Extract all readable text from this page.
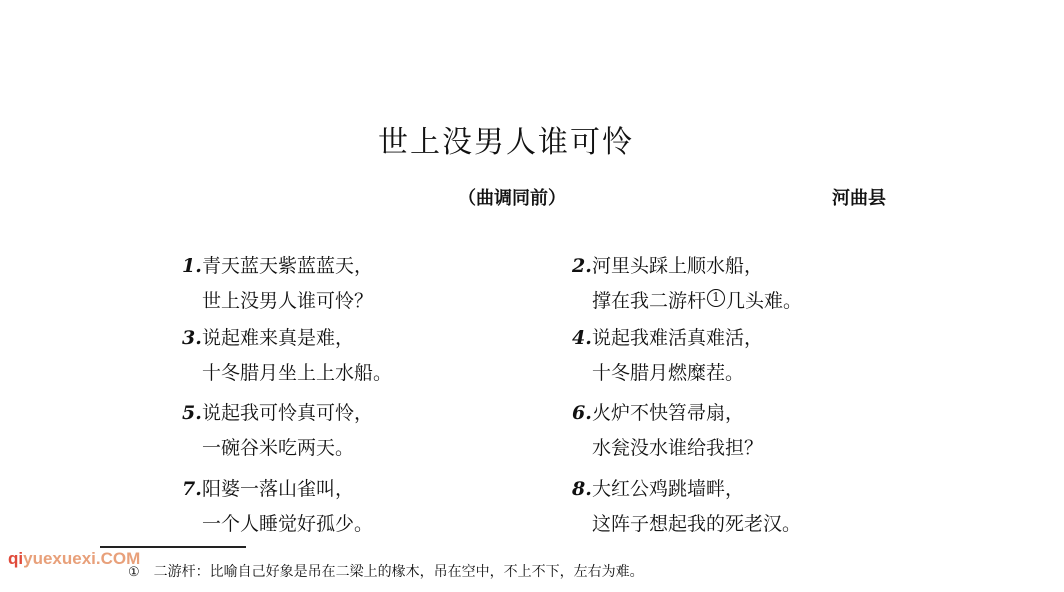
世上没男人谁可怜
（曲调同前）	河曲县
1.青天蓝天紫蓝蓝天，
世上没男人谁可怜？
3.说起难来真是难，
十冬腊月坐上上水船。
5.说起我可怜真可怜，
一碗谷米吃两天。
7.阳婆一落山雀叫，
一个人睡觉好孤少。
2.河里头踩上顺水船，
撑在我二游杆 1 几头难。
4.说起我难活真难活，
十冬腊月燃糜茬。
6.火炉不快笤帚扇，
水瓮没水谁给我担？
8.大红公鸡跳墙畔，
这阵子想起我的死老汉。
qiyuexuexi.COM
① 二游杆：比喻自己好象是吊在二梁上的椽木，吊在空中，不上不下，左右为难。
